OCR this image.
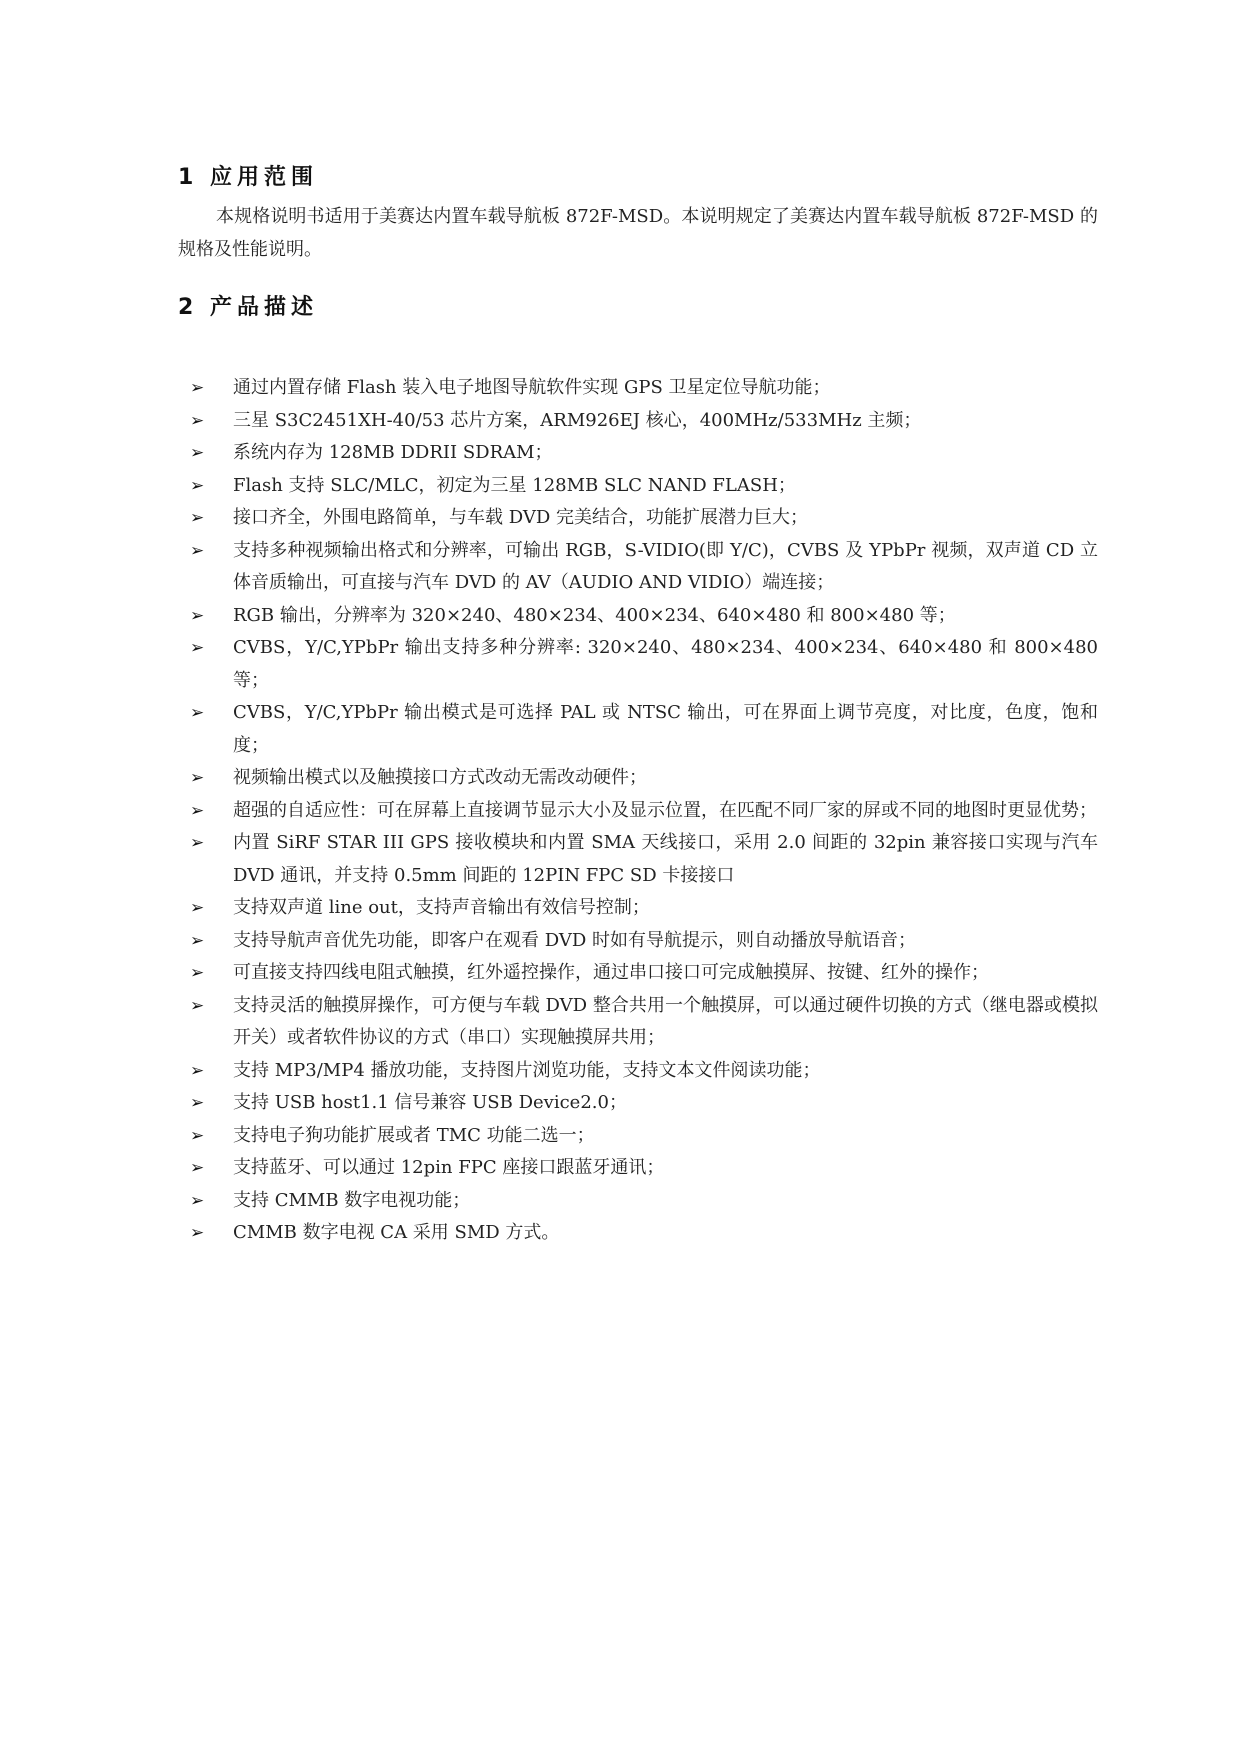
1 应用范围

本规格说明书适用于美赛达内置车载导航板 872F-MSD。本说明规定了美赛达内置车载导航板 872F-MSD 的规格及性能说明。

2 产品描述
➢ 通过内置存储 Flash 装入电子地图导航软件实现 GPS 卫星定位导航功能；
➢ 三星 S3C2451XH-40/53 芯片方案，ARM926EJ 核心，400MHz/533MHz 主频；
➢ 系统内存为 128MB DDRII SDRAM；
➢ Flash 支持 SLC/MLC，初定为三星 128MB SLC NAND FLASH；
➢ 接口齐全，外围电路简单，与车载 DVD 完美结合，功能扩展潜力巨大；
➢ 支持多种视频输出格式和分辨率，可输出 RGB，S-VIDIO(即 Y/C)，CVBS 及 YPbPr 视频，双声道 CD 立体音质输出，可直接与汽车 DVD 的 AV（AUDIO AND VIDIO）端连接；
➢ RGB 输出，分辨率为 320×240、480×234、400×234、640×480 和 800×480 等；
➢ CVBS，Y/C,YPbPr 输出支持多种分辨率: 320×240、480×234、400×234、640×480 和 800×480 等；
➢ CVBS，Y/C,YPbPr 输出模式是可选择 PAL 或 NTSC 输出，可在界面上调节亮度，对比度，色度，饱和度；
➢ 视频输出模式以及触摸接口方式改动无需改动硬件；
➢ 超强的自适应性：可在屏幕上直接调节显示大小及显示位置，在匹配不同厂家的屏或不同的地图时更显优势；
➢ 内置 SiRF STAR III GPS 接收模块和内置 SMA 天线接口，采用 2.0 间距的 32pin 兼容接口实现与汽车 DVD 通讯，并支持 0.5mm 间距的 12PIN FPC SD 卡接接口
➢ 支持双声道 line out，支持声音输出有效信号控制；
➢ 支持导航声音优先功能，即客户在观看 DVD 时如有导航提示，则自动播放导航语音；
➢ 可直接支持四线电阻式触摸，红外遥控操作，通过串口接口可完成触摸屏、按键、红外的操作；
➢ 支持灵活的触摸屏操作，可方便与车载 DVD 整合共用一个触摸屏，可以通过硬件切换的方式（继电器或模拟开关）或者软件协议的方式（串口）实现触摸屏共用；
➢ 支持 MP3/MP4 播放功能，支持图片浏览功能，支持文本文件阅读功能；
➢ 支持 USB host1.1 信号兼容 USB Device2.0；
➢ 支持电子狗功能扩展或者 TMC 功能二选一；
➢ 支持蓝牙、可以通过 12pin FPC 座接口跟蓝牙通讯；
➢ 支持 CMMB 数字电视功能；
➢ CMMB 数字电视 CA 采用 SMD 方式。
